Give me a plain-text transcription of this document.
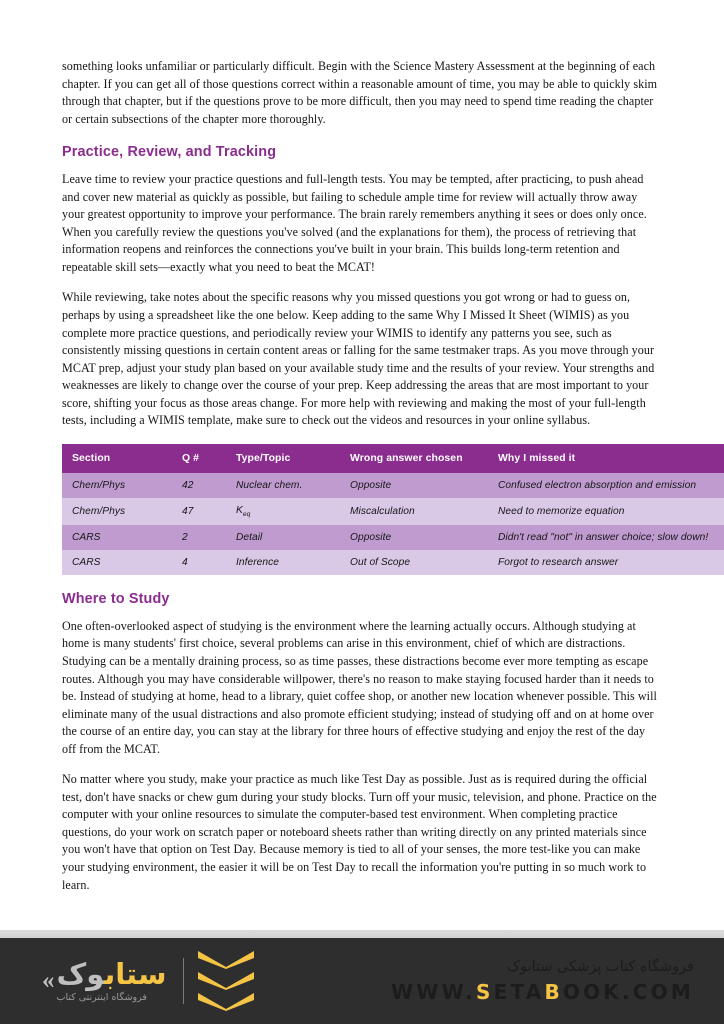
something looks unfamiliar or particularly difficult. Begin with the Science Mastery Assessment at the beginning of each chapter. If you can get all of those questions correct within a reasonable amount of time, you may be able to quickly skim through that chapter, but if the questions prove to be more difficult, then you may need to spend time reading the chapter or certain subsections of the chapter more thoroughly.

Practice, Review, and Tracking

Leave time to review your practice questions and full-length tests. You may be tempted, after practicing, to push ahead and cover new material as quickly as possible, but failing to schedule ample time for review will actually throw away your greatest opportunity to improve your performance. The brain rarely remembers anything it sees or does only once. When you carefully review the questions you've solved (and the explanations for them), the process of retrieving that information reopens and reinforces the connections you've built in your brain. This builds long-term retention and repeatable skill sets—exactly what you need to beat the MCAT!

While reviewing, take notes about the specific reasons why you missed questions you got wrong or had to guess on, perhaps by using a spreadsheet like the one below. Keep adding to the same Why I Missed It Sheet (WIMIS) as you complete more practice questions, and periodically review your WIMIS to identify any patterns you see, such as consistently missing questions in certain content areas or falling for the same testmaker traps. As you move through your MCAT prep, adjust your study plan based on your available study time and the results of your review. Your strengths and weaknesses are likely to change over the course of your prep. Keep addressing the areas that are most important to your score, shifting your focus as those areas change. For more help with reviewing and making the most of your full-length tests, including a WIMIS template, make sure to check out the videos and resources in your online syllabus.

Section	Q #	Type/Topic	Wrong answer chosen	Why I missed it
Chem/Phys	42	Nuclear chem.	Opposite	Confused electron absorption and emission
Chem/Phys	47	$K_{eq}$	Miscalculation	Need to memorize equation
CARS	2	Detail	Opposite	Didn't read "not" in answer choice; slow down!
CARS	4	Inference	Out of Scope	Forgot to research answer
Where to Study

One often-overlooked aspect of studying is the environment where the learning actually occurs. Although studying at home is many students' first choice, several problems can arise in this environment, chief of which are distractions. Studying can be a mentally draining process, so as time passes, these distractions become ever more tempting as escape routes. Although you may have considerable willpower, there's no reason to make staying focused harder than it needs to be. Instead of studying at home, head to a library, quiet coffee shop, or another new location whenever possible. This will eliminate many of the usual distractions and also promote efficient studying; instead of studying off and on at home over the course of an entire day, you can stay at the library for three hours of effective studying and enjoy the rest of the day off from the MCAT.

No matter where you study, make your practice as much like Test Day as possible. Just as is required during the official test, don't have snacks or chew gum during your study blocks. Turn off your music, television, and phone. Practice on the computer with your online resources to simulate the computer-based test environment. When completing practice questions, do your work on scratch paper or noteboard sheets rather than writing directly on any printed materials since you won't have that option on Test Day. Because memory is tied to all of your senses, the more test-like you can make your studying environment, the easier it will be on Test Day to recall the information you're putting in so much work to learn.

«	ستابوک
فروشگاه اینترنتی کتاب
فروشگاه کتاب پزشکی ستابوک
WWW.SETABOOK.COM
